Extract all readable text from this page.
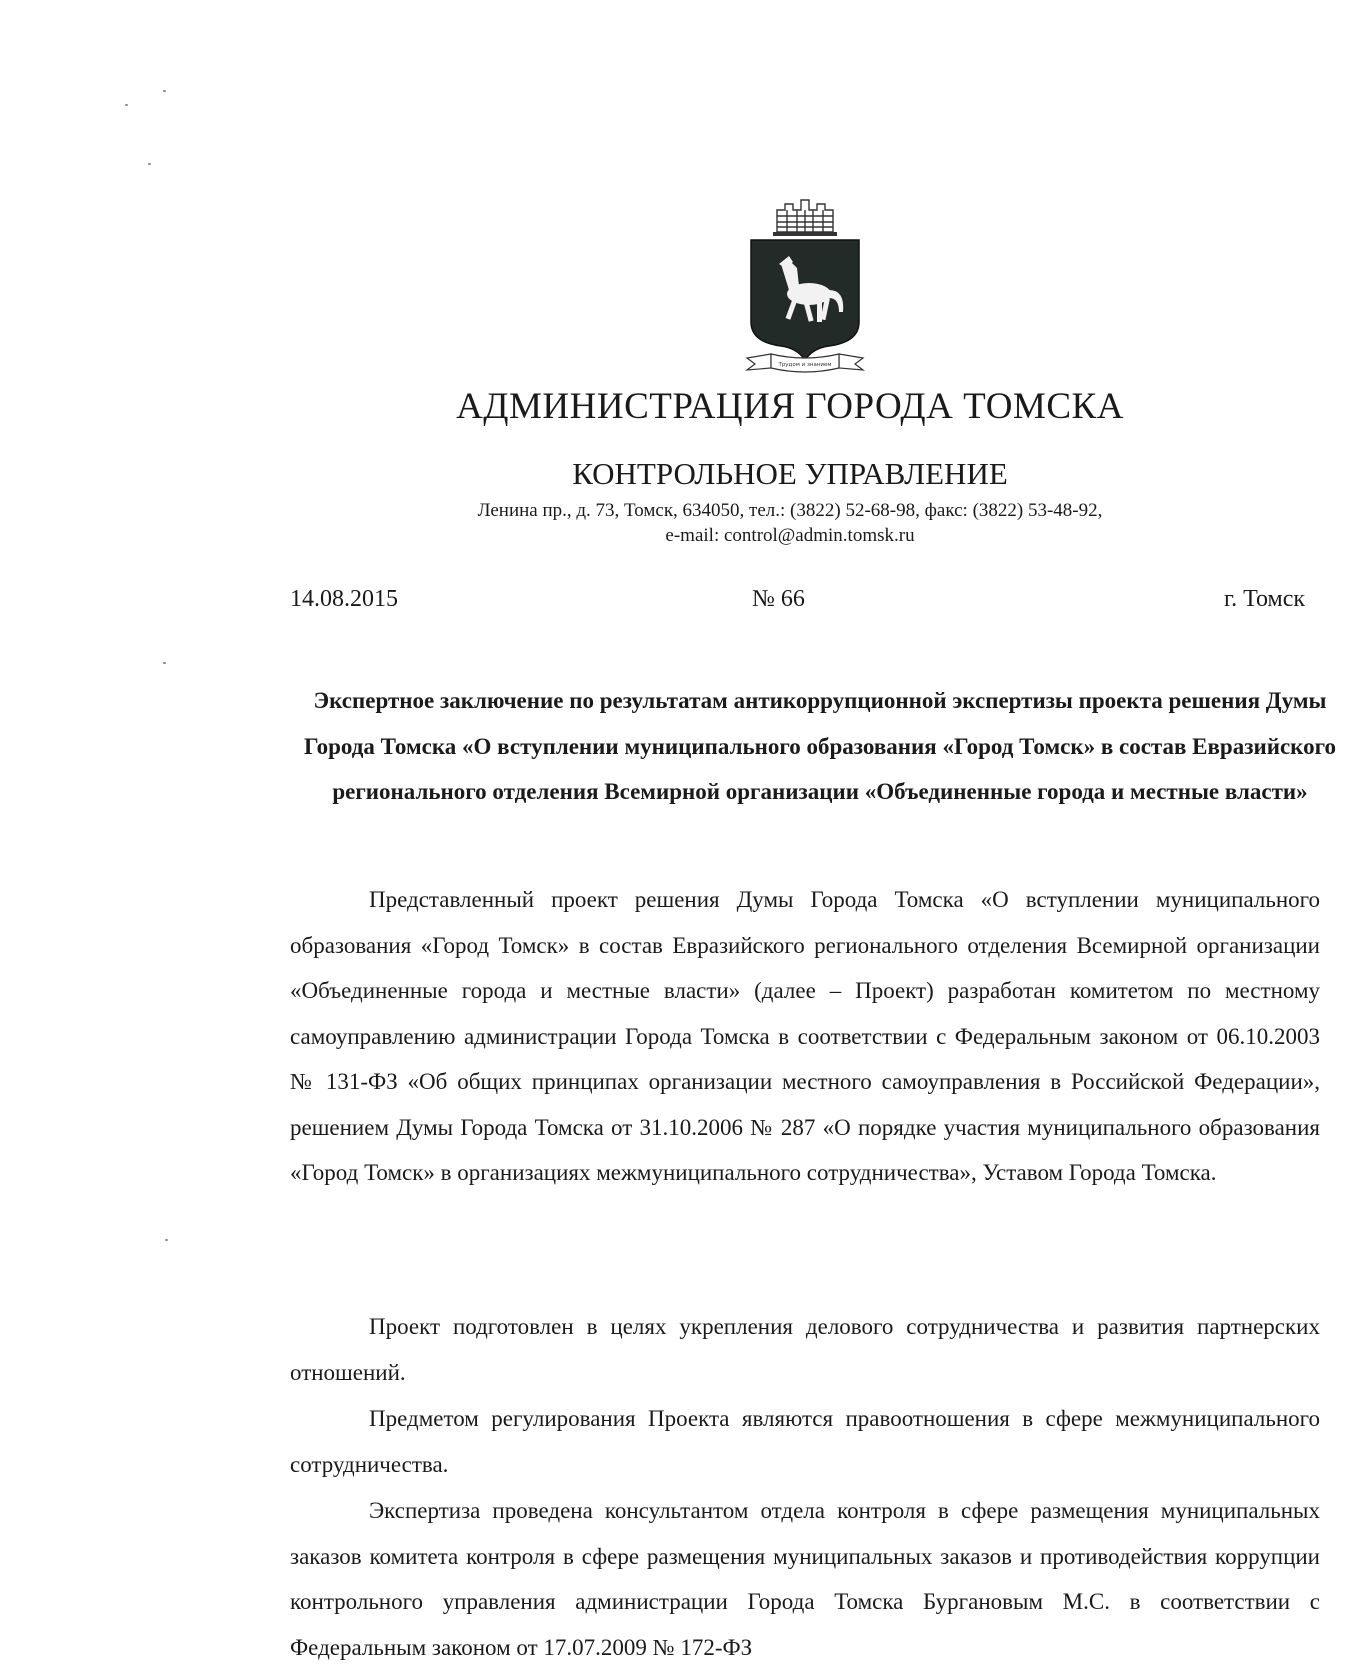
Трудом и знанием
АДМИНИСТРАЦИЯ ГОРОДА ТОМСКА
КОНТРОЛЬНОЕ УПРАВЛЕНИЕ
Ленина пр., д. 73, Томск, 634050, тел.: (3822) 52-68-98, факс: (3822) 53-48-92,
e-mail: control@admin.tomsk.ru
14.08.2015	№ 66	г. Томск
Экспертное заключение по результатам антикоррупционной экспертизы проекта решения Думы Города Томска «О вступлении муниципального образования «Город Томск» в состав Евразийского регионального отделения Всемирной организации «Объединенные города и местные власти»
Представленный проект решения Думы Города Томска «О вступлении муниципального образования «Город Томск» в состав Евразийского регионального отделения Всемирной организации «Объединенные города и местные власти» (далее – Проект) разработан комитетом по местному самоуправлению администрации Города Томска в соответствии с Федеральным законом от 06.10.2003 № 131-ФЗ «Об общих принципах организации местного самоуправления в Российской Федерации», решением Думы Города Томска от 31.10.2006 № 287 «О порядке участия муниципального образования «Город Томск» в организациях межмуниципального сотрудничества», Уставом Города Томска.
Проект подготовлен в целях укрепления делового сотрудничества и развития партнерских отношений.
Предметом регулирования Проекта являются правоотношения в сфере межмуниципального сотрудничества.
Экспертиза проведена консультантом отдела контроля в сфере размещения муниципальных заказов комитета контроля в сфере размещения муниципальных заказов и противодействия коррупции контрольного управления администрации Города Томска Бургановым М.С. в соответствии с Федеральным законом от 17.07.2009 № 172-ФЗ
